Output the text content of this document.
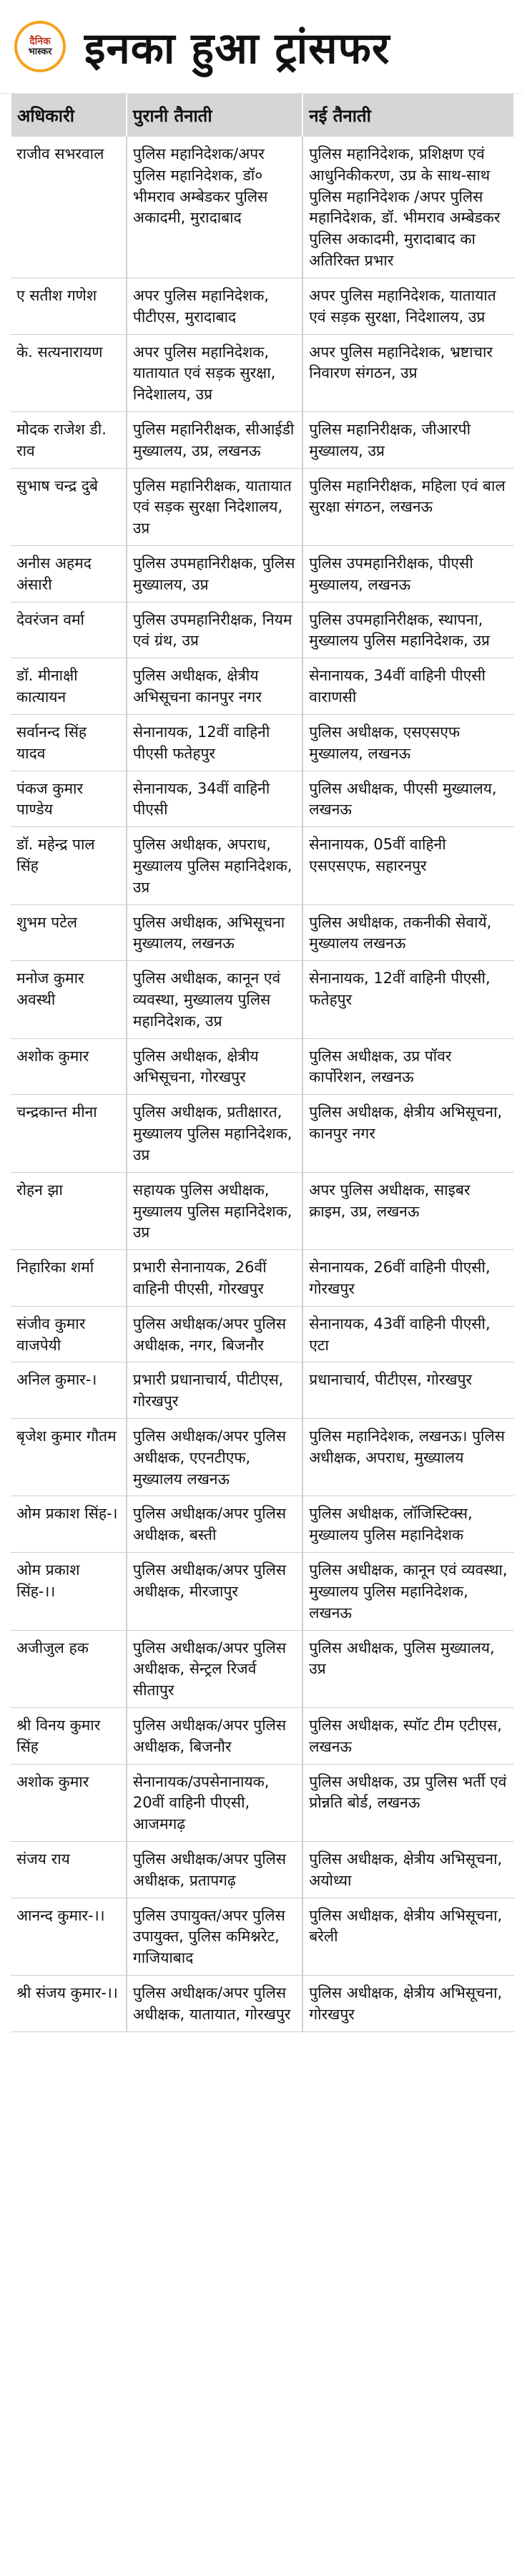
दैनिक
भास्कर इनका हुआ ट्रांसफर
अधिकारी	पुरानी तैनाती	नई तैनाती
राजीव सभरवाल	पुलिस महानिदेशक/अपर पुलिस महानिदेशक, डॉ० भीमराव अम्बेडकर पुलिस अकादमी, मुरादाबाद	पुलिस महानिदेशक, प्रशिक्षण एवं आधुनिकीकरण, उप्र के साथ-साथ पुलिस महानिदेशक /अपर पुलिस महानिदेशक, डॉ. भीमराव अम्बेडकर पुलिस अकादमी, मुरादाबाद का अतिरिक्त प्रभार
ए सतीश गणेश	अपर पुलिस महानिदेशक, पीटीएस, मुरादाबाद	अपर पुलिस महानिदेशक, यातायात एवं सड़क सुरक्षा, निदेशालय, उप्र
के. सत्यनारायण	अपर पुलिस महानिदेशक, यातायात एवं सड़क सुरक्षा, निदेशालय, उप्र	अपर पुलिस महानिदेशक, भ्रष्टाचार निवारण संगठन, उप्र
मोदक राजेश डी. राव	पुलिस महानिरीक्षक, सीआईडी मुख्यालय, उप्र, लखनऊ	पुलिस महानिरीक्षक, जीआरपी मुख्यालय, उप्र
सुभाष चन्द्र दुबे	पुलिस महानिरीक्षक, यातायात एवं सड़क सुरक्षा निदेशालय, उप्र	पुलिस महानिरीक्षक, महिला एवं बाल सुरक्षा संगठन, लखनऊ
अनीस अहमद अंसारी	पुलिस उपमहानिरीक्षक, पुलिस मुख्यालय, उप्र	पुलिस उपमहानिरीक्षक, पीएसी मुख्यालय, लखनऊ
देवरंजन वर्मा	पुलिस उपमहानिरीक्षक, नियम एवं ग्रंथ, उप्र	पुलिस उपमहानिरीक्षक, स्थापना, मुख्यालय पुलिस महानिदेशक, उप्र
डॉ. मीनाक्षी कात्यायन	पुलिस अधीक्षक, क्षेत्रीय अभिसूचना कानपुर नगर	सेनानायक, 34वीं वाहिनी पीएसी वाराणसी
सर्वानन्द सिंह यादव	सेनानायक, 12वीं वाहिनी पीएसी फतेहपुर	पुलिस अधीक्षक, एसएसएफ मुख्यालय, लखनऊ
पंकज कुमार पाण्डेय	सेनानायक, 34वीं वाहिनी पीएसी	पुलिस अधीक्षक, पीएसी मुख्यालय, लखनऊ
डॉ. महेन्द्र पाल सिंह	पुलिस अधीक्षक, अपराध, मुख्यालय पुलिस महानिदेशक, उप्र	सेनानायक, 05वीं वाहिनी एसएसएफ, सहारनपुर
शुभम पटेल	पुलिस अधीक्षक, अभिसूचना मुख्यालय, लखनऊ	पुलिस अधीक्षक, तकनीकी सेवायें, मुख्यालय लखनऊ
मनोज कुमार अवस्थी	पुलिस अधीक्षक, कानून एवं व्यवस्था, मुख्यालय पुलिस महानिदेशक, उप्र	सेनानायक, 12वीं वाहिनी पीएसी, फतेहपुर
अशोक कुमार	पुलिस अधीक्षक, क्षेत्रीय अभिसूचना, गोरखपुर	पुलिस अधीक्षक, उप्र पॉवर कार्पोरेशन, लखनऊ
चन्द्रकान्त मीना	पुलिस अधीक्षक, प्रतीक्षारत, मुख्यालय पुलिस महानिदेशक, उप्र	पुलिस अधीक्षक, क्षेत्रीय अभिसूचना, कानपुर नगर
रोहन झा	सहायक पुलिस अधीक्षक, मुख्यालय पुलिस महानिदेशक, उप्र	अपर पुलिस अधीक्षक, साइबर क्राइम, उप्र, लखनऊ
निहारिका शर्मा	प्रभारी सेनानायक, 26वीं वाहिनी पीएसी, गोरखपुर	सेनानायक, 26वीं वाहिनी पीएसी, गोरखपुर
संजीव कुमार वाजपेयी	पुलिस अधीक्षक/अपर पुलिस अधीक्षक, नगर, बिजनौर	सेनानायक, 43वीं वाहिनी पीएसी, एटा
अनिल कुमार-।	प्रभारी प्रधानाचार्य, पीटीएस, गोरखपुर	प्रधानाचार्य, पीटीएस, गोरखपुर
बृजेश कुमार गौतम	पुलिस अधीक्षक/अपर पुलिस अधीक्षक, एएनटीएफ, मुख्यालय लखनऊ	पुलिस महानिदेशक, लखनऊ। पुलिस अधीक्षक, अपराध, मुख्यालय
ओम प्रकाश सिंह-।	पुलिस अधीक्षक/अपर पुलिस अधीक्षक, बस्ती	पुलिस अधीक्षक, लॉजिस्टिक्स, मुख्यालय पुलिस महानिदेशक
ओम प्रकाश सिंह-।।	पुलिस अधीक्षक/अपर पुलिस अधीक्षक, मीरजापुर	पुलिस अधीक्षक, कानून एवं व्यवस्था, मुख्यालय पुलिस महानिदेशक, लखनऊ
अजीजुल हक	पुलिस अधीक्षक/अपर पुलिस अधीक्षक, सेन्ट्रल रिजर्व सीतापुर	पुलिस अधीक्षक, पुलिस मुख्यालय, उप्र
श्री विनय कुमार सिंह	पुलिस अधीक्षक/अपर पुलिस अधीक्षक, बिजनौर	पुलिस अधीक्षक, स्पॉट टीम एटीएस, लखनऊ
अशोक कुमार	सेनानायक/उपसेनानायक, 20वीं वाहिनी पीएसी, आजमगढ़	पुलिस अधीक्षक, उप्र पुलिस भर्ती एवं प्रोन्नति बोर्ड, लखनऊ
संजय राय	पुलिस अधीक्षक/अपर पुलिस अधीक्षक, प्रतापगढ़	पुलिस अधीक्षक, क्षेत्रीय अभिसूचना, अयोध्या
आनन्द कुमार-।।	पुलिस उपायुक्त/अपर पुलिस उपायुक्त, पुलिस कमिश्नरेट, गाजियाबाद	पुलिस अधीक्षक, क्षेत्रीय अभिसूचना, बरेली
श्री संजय कुमार-।।	पुलिस अधीक्षक/अपर पुलिस अधीक्षक, यातायात, गोरखपुर	पुलिस अधीक्षक, क्षेत्रीय अभिसूचना, गोरखपुर
